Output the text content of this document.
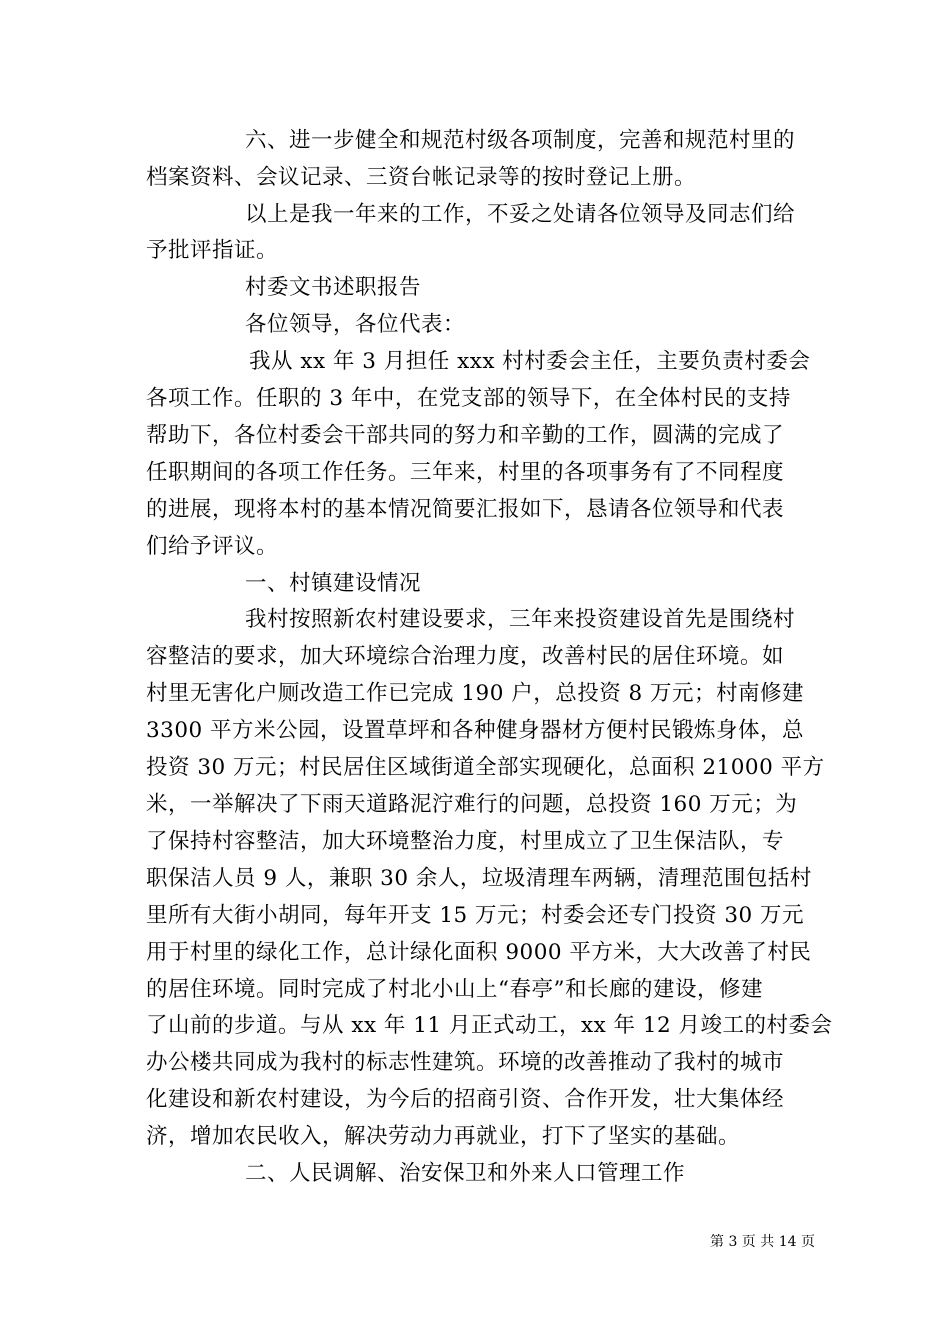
六、进一步健全和规范村级各项制度，完善和规范村里的
档案资料、会议记录、三资台帐记录等的按时登记上册。
以上是我一年来的工作，不妥之处请各位领导及同志们给
予批评指证。
村委文书述职报告
各位领导，各位代表：
我从 xx 年 3 月担任 xxx 村村委会主任，主要负责村委会
各项工作。任职的 3 年中，在党支部的领导下，在全体村民的支持
帮助下，各位村委会干部共同的努力和辛勤的工作，圆满的完成了
任职期间的各项工作任务。三年来，村里的各项事务有了不同程度
的进展，现将本村的基本情况简要汇报如下，恳请各位领导和代表
们给予评议。
一、村镇建设情况
我村按照新农村建设要求，三年来投资建设首先是围绕村
容整洁的要求，加大环境综合治理力度，改善村民的居住环境。如
村里无害化户厕改造工作已完成 190 户，总投资 8 万元；村南修建
3300 平方米公园，设置草坪和各种健身器材方便村民锻炼身体，总
投资 30 万元；村民居住区域街道全部实现硬化，总面积 21000 平方
米，一举解决了下雨天道路泥泞难行的问题，总投资 160 万元；为
了保持村容整洁，加大环境整治力度，村里成立了卫生保洁队，专
职保洁人员 9 人，兼职 30 余人，垃圾清理车两辆，清理范围包括村
里所有大街小胡同，每年开支 15 万元；村委会还专门投资 30 万元
用于村里的绿化工作，总计绿化面积 9000 平方米，大大改善了村民
的居住环境。同时完成了村北小山上“春亭”和长廊的建设，修建
了山前的步道。与从 xx 年 11 月正式动工，xx 年 12 月竣工的村委会
办公楼共同成为我村的标志性建筑。环境的改善推动了我村的城市
化建设和新农村建设，为今后的招商引资、合作开发，壮大集体经
济，增加农民收入，解决劳动力再就业，打下了坚实的基础。
二、人民调解、治安保卫和外来人口管理工作
第 3 页 共 14 页
